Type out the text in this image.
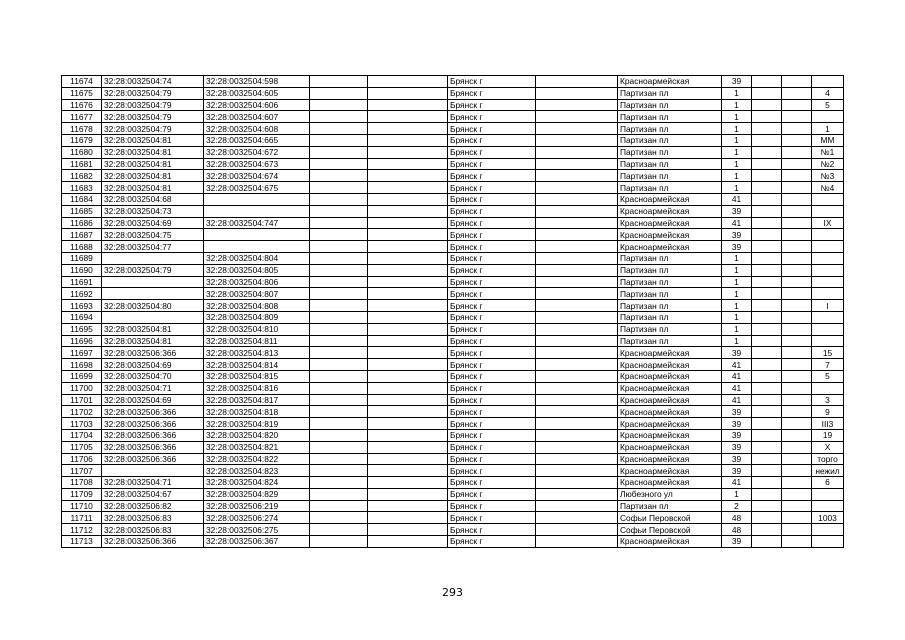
11674	32:28:0032504:74	32:28:0032504:598			Брянск г		Красноармейская	39			
11675	32:28:0032504:79	32:28:0032504:605			Брянск г		Партизан пл	1			4
11676	32:28:0032504:79	32:28:0032504:606			Брянск г		Партизан пл	1			5
11677	32:28:0032504:79	32:28:0032504:607			Брянск г		Партизан пл	1			
11678	32:28:0032504:79	32:28:0032504:608			Брянск г		Партизан пл	1			1
11679	32:28:0032504:81	32:28:0032504:665			Брянск г		Партизан пл	1			ММ
11680	32:28:0032504:81	32:28:0032504:672			Брянск г		Партизан пл	1			№1
11681	32:28:0032504:81	32:28:0032504:673			Брянск г		Партизан пл	1			№2
11682	32:28:0032504:81	32:28:0032504:674			Брянск г		Партизан пл	1			№3
11683	32:28:0032504:81	32:28:0032504:675			Брянск г		Партизан пл	1			№4
11684	32:28:0032504:68				Брянск г		Красноармейская	41			
11685	32:28:0032504:73				Брянск г		Красноармейская	39			
11686	32:28:0032504:69	32:28:0032504:747			Брянск г		Красноармейская	41			IX
11687	32:28:0032504:75				Брянск г		Красноармейская	39			
11688	32:28:0032504:77				Брянск г		Красноармейская	39			
11689		32:28:0032504:804			Брянск г		Партизан пл	1			
11690	32:28:0032504:79	32:28:0032504:805			Брянск г		Партизан пл	1			
11691		32:28:0032504:806			Брянск г		Партизан пл	1			
11692		32:28:0032504:807			Брянск г		Партизан пл	1			
11693	32:28:0032504:80	32:28:0032504:808			Брянск г		Партизан пл	1			I
11694		32:28:0032504:809			Брянск г		Партизан пл	1			
11695	32:28:0032504:81	32:28:0032504:810			Брянск г		Партизан пл	1			
11696	32:28:0032504:81	32:28:0032504:811			Брянск г		Партизан пл	1			
11697	32:28:0032506:366	32:28:0032504:813			Брянск г		Красноармейская	39			15
11698	32:28:0032504:69	32:28:0032504:814			Брянск г		Красноармейская	41			7
11699	32:28:0032504:70	32:28:0032504:815			Брянск г		Красноармейская	41			5
11700	32:28:0032504:71	32:28:0032504:816			Брянск г		Красноармейская	41			
11701	32:28:0032504:69	32:28:0032504:817			Брянск г		Красноармейская	41			3
11702	32:28:0032506:366	32:28:0032504:818			Брянск г		Красноармейская	39			9
11703	32:28:0032506:366	32:28:0032504:819			Брянск г		Красноармейская	39			III3
11704	32:28:0032506:366	32:28:0032504:820			Брянск г		Красноармейская	39			19
11705	32:28:0032506:366	32:28:0032504:821			Брянск г		Красноармейская	39			X
11706	32:28:0032506:366	32:28:0032504:822			Брянск г		Красноармейская	39			торго
11707		32:28:0032504:823			Брянск г		Красноармейская	39			нежил
11708	32:28:0032504:71	32:28:0032504:824			Брянск г		Красноармейская	41			6
11709	32:28:0032504:67	32:28:0032504:829			Брянск г		Любезного ул	1			
11710	32:28:0032506:82	32:28:0032506:219			Брянск г		Партизан пл	2			
11711	32:28:0032506:83	32:28:0032506:274			Брянск г		Софьи Перовской	48			1003
11712	32:28:0032506:83	32:28:0032506:275			Брянск г		Софьи Перовской	48			
11713	32:28:0032506:366	32:28:0032506:367			Брянск г		Красноармейская	39			
293
